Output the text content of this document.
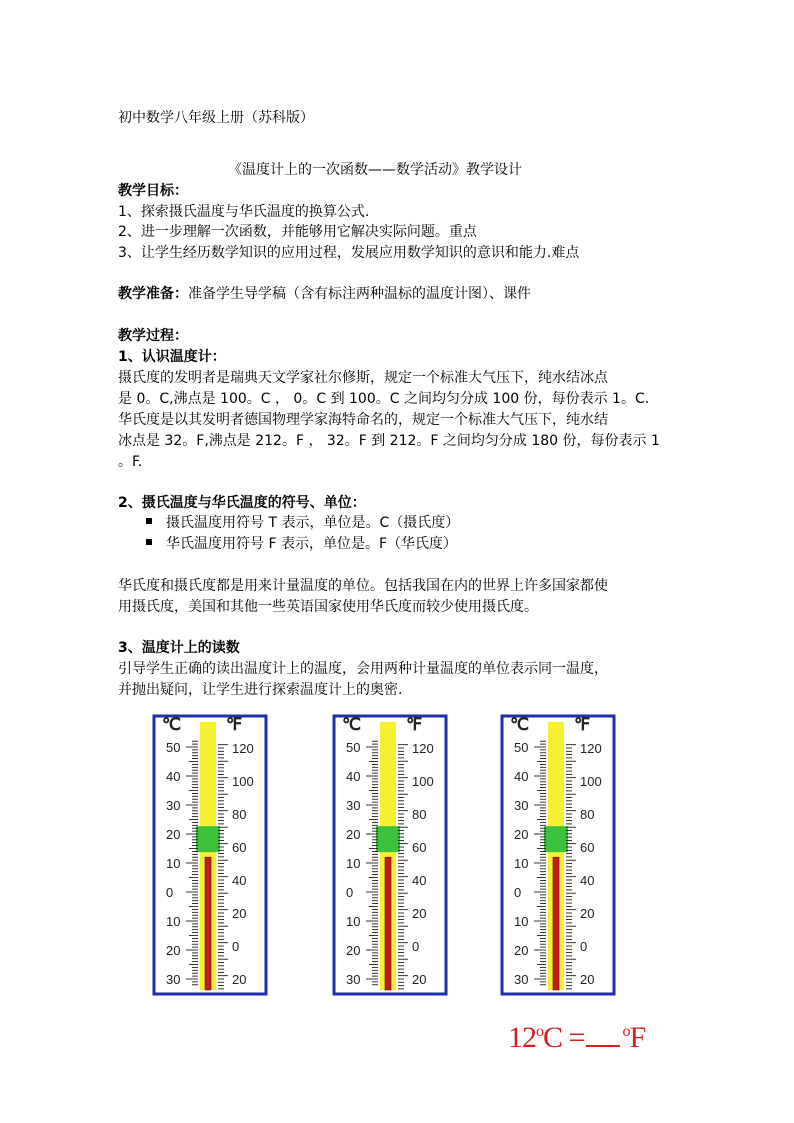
初中数学八年级上册（苏科版）
《温度计上的一次函数——数学活动》教学设计
教学目标：
1、探索摄氏温度与华氏温度的换算公式.
2、进一步理解一次函数，并能够用它解决实际问题。重点
3、让学生经历数学知识的应用过程，发展应用数学知识的意识和能力.难点
教学准备：准备学生导学稿（含有标注两种温标的温度计图）、课件
教学过程：
1、认识温度计：
摄氏度的发明者是瑞典天文学家社尔修斯，规定一个标准大气压下，纯水结冰点
是 0。C,沸点是 100。C ， 0。C 到 100。C 之间均匀分成 100 份，每份表示 1。C.
华氏度是以其发明者德国物理学家海特命名的，规定一个标准大气压下，纯水结
冰点是 32。F,沸点是 212。F ， 32。F 到 212。F 之间均匀分成 180 份，每份表示 1
。F.
2、摄氏温度与华氏温度的符号、单位：
摄氏温度用符号 T 表示，单位是。C（摄氏度）
华氏温度用符号 F 表示，单位是。F（华氏度）
华氏度和摄氏度都是用来计量温度的单位。包括我国在内的世界上许多国家都使
用摄氏度，美国和其他一些英语国家使用华氏度而较少使用摄氏度。
3、温度计上的读数
引导学生正确的读出温度计上的温度，会用两种计量温度的单位表示同一温度，
并抛出疑问，让学生进行探索温度计上的奥密.
℃	℉
50
40
30
20
10
0
10
20
30
120
100
80
60
40
20
0
20
℃	℉
50
40
30
20
10
0
10
20
30
120
100
80
60
40
20
0
20
℃	℉
50
40
30
20
10
0
10
20
30
120
100
80
60
40
20
0
20
$12^oC = ^oF$
